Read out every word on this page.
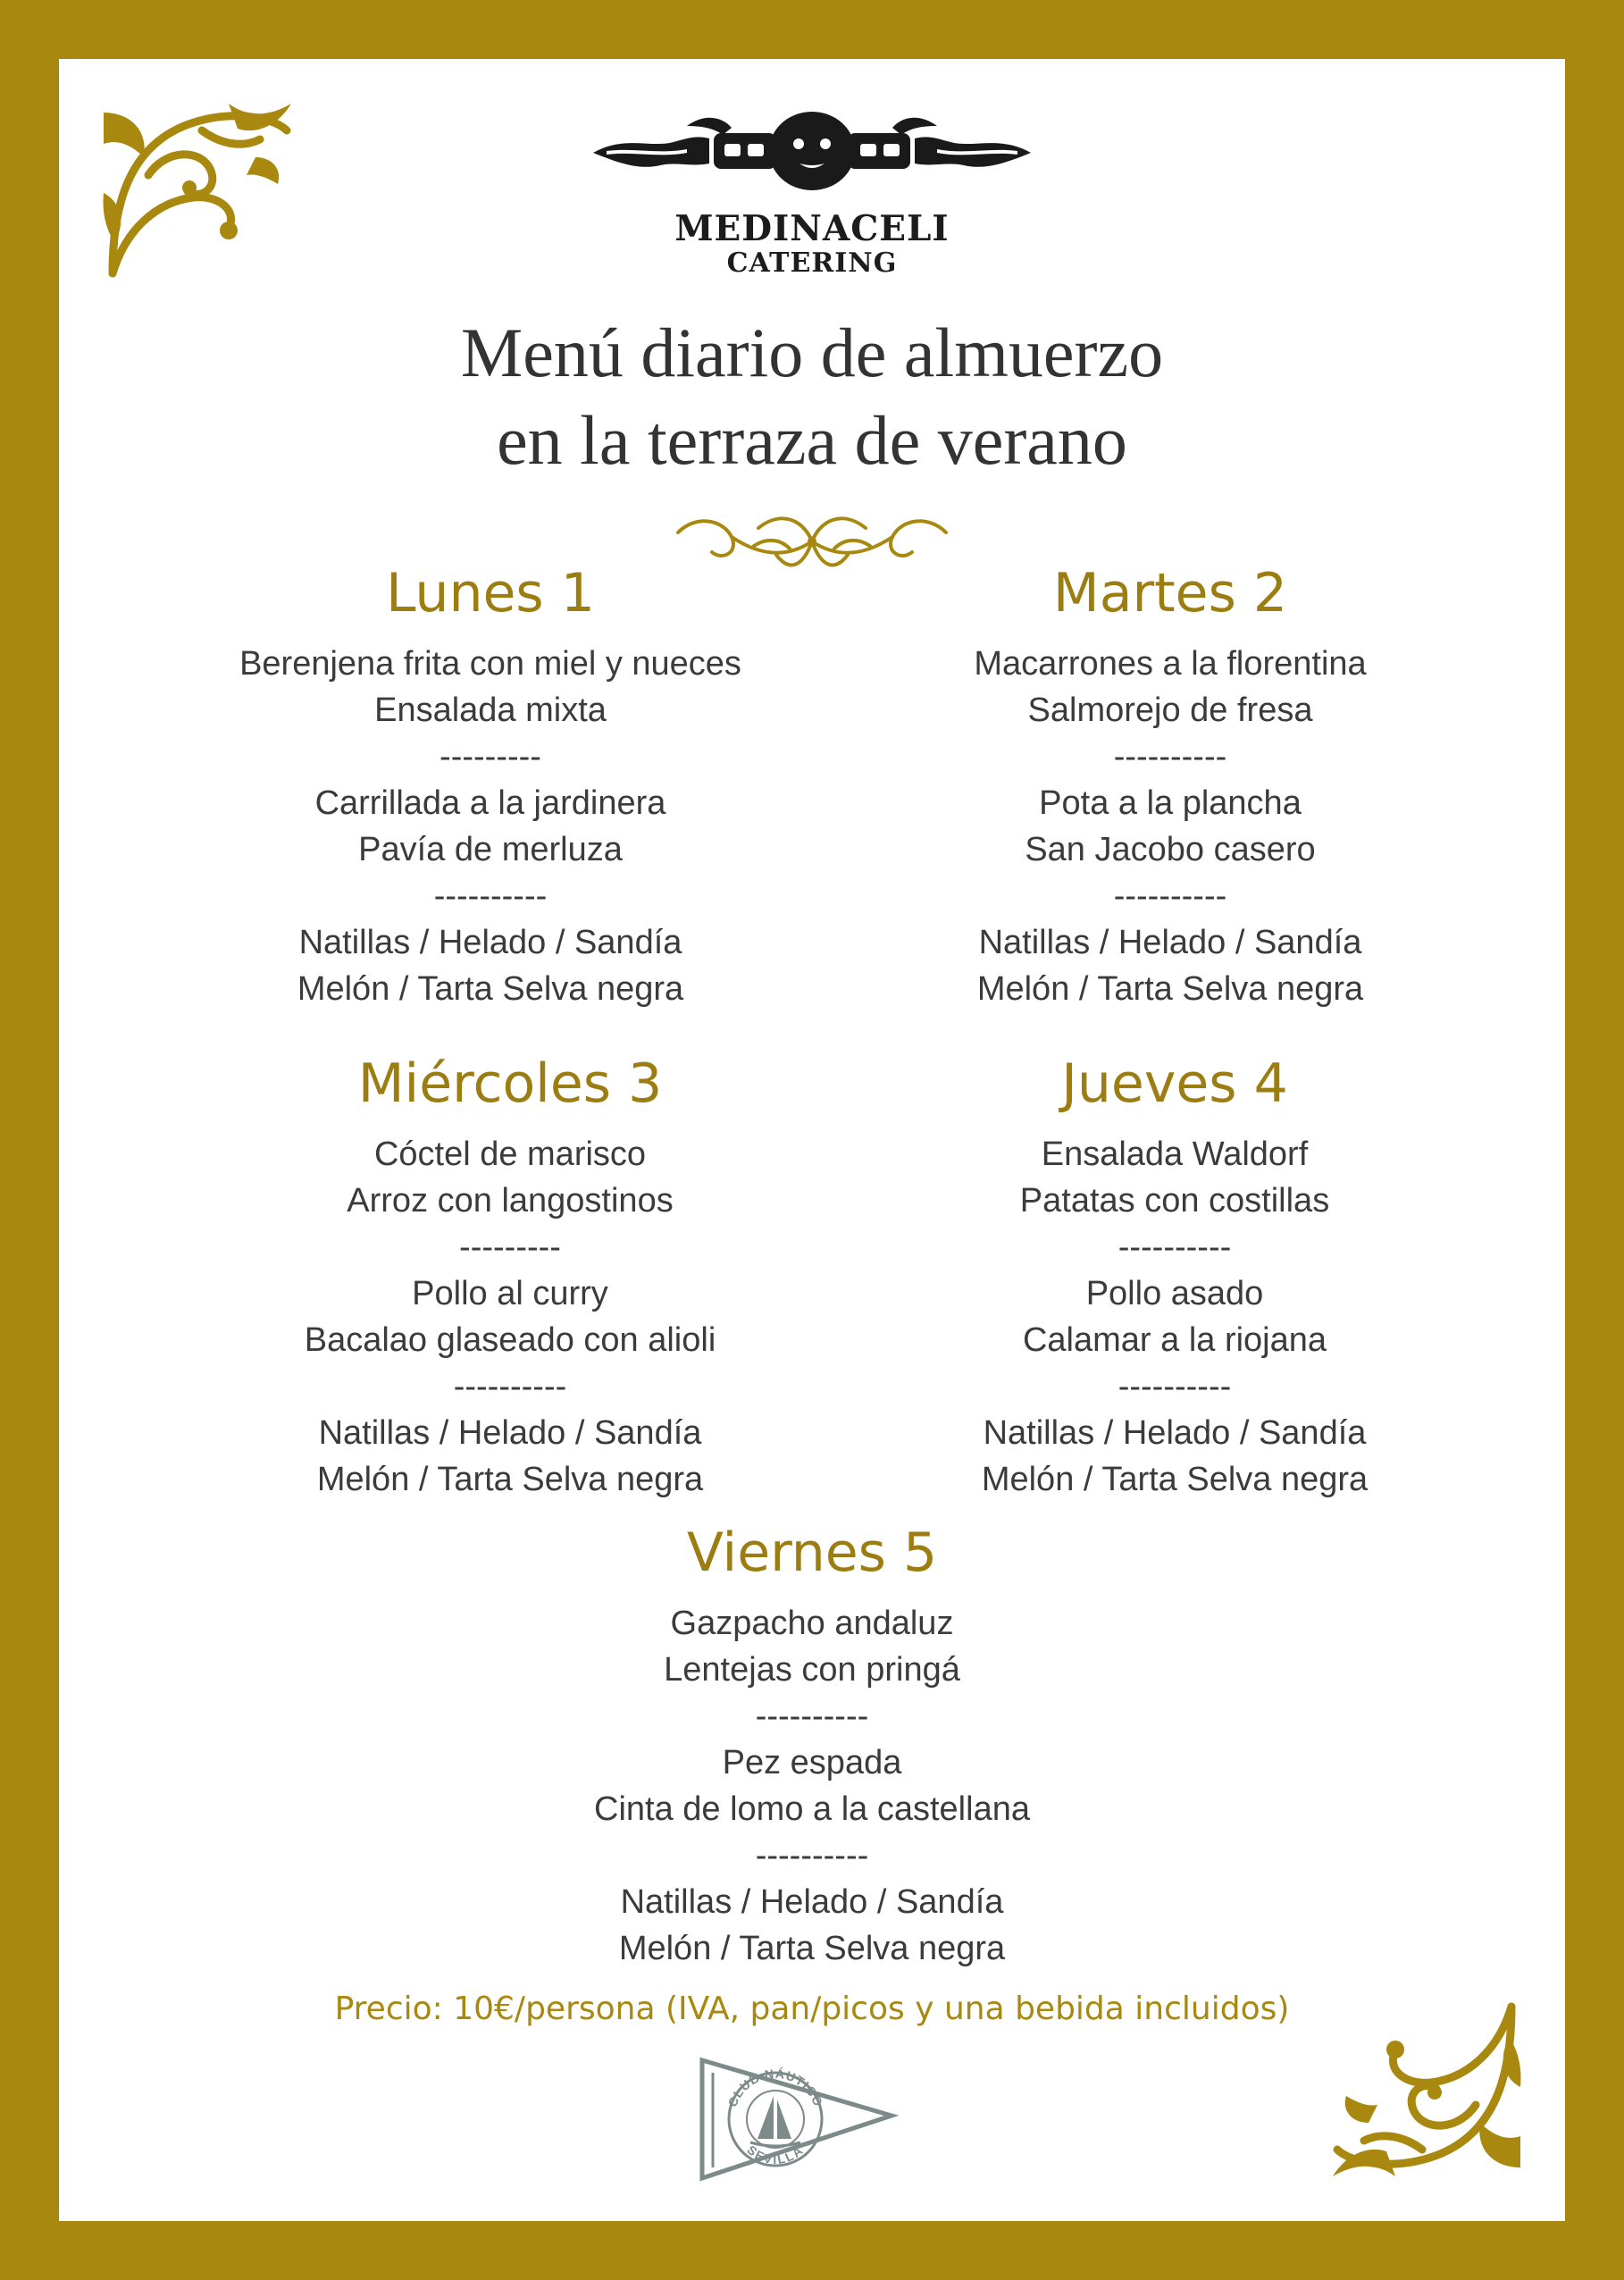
MEDINACELI
CATERING
Menú diario de almuerzo
en la terraza de verano
Lunes 1
Berenjena frita con miel y nueces
Ensalada mixta
---------
Carrillada a la jardinera
Pavía de merluza
----------
Natillas / Helado / Sandía
Melón / Tarta Selva negra
Martes 2
Macarrones a la florentina
Salmorejo de fresa
----------
Pota a la plancha
San Jacobo casero
----------
Natillas / Helado / Sandía
Melón / Tarta Selva negra
Miércoles 3
Cóctel de marisco
Arroz con langostinos
---------
Pollo al curry
Bacalao glaseado con alioli
----------
Natillas / Helado / Sandía
Melón / Tarta Selva negra
Jueves 4
Ensalada Waldorf
Patatas con costillas
----------
Pollo asado
Calamar a la riojana
----------
Natillas / Helado / Sandía
Melón / Tarta Selva negra
Viernes 5
Gazpacho andaluz
Lentejas con pringá
----------
Pez espada
Cinta de lomo a la castellana
----------
Natillas / Helado / Sandía
Melón / Tarta Selva negra
Precio: 10€/persona (IVA, pan/picos y una bebida incluidos)
CLUB NÁUTICO
SEVILLA
